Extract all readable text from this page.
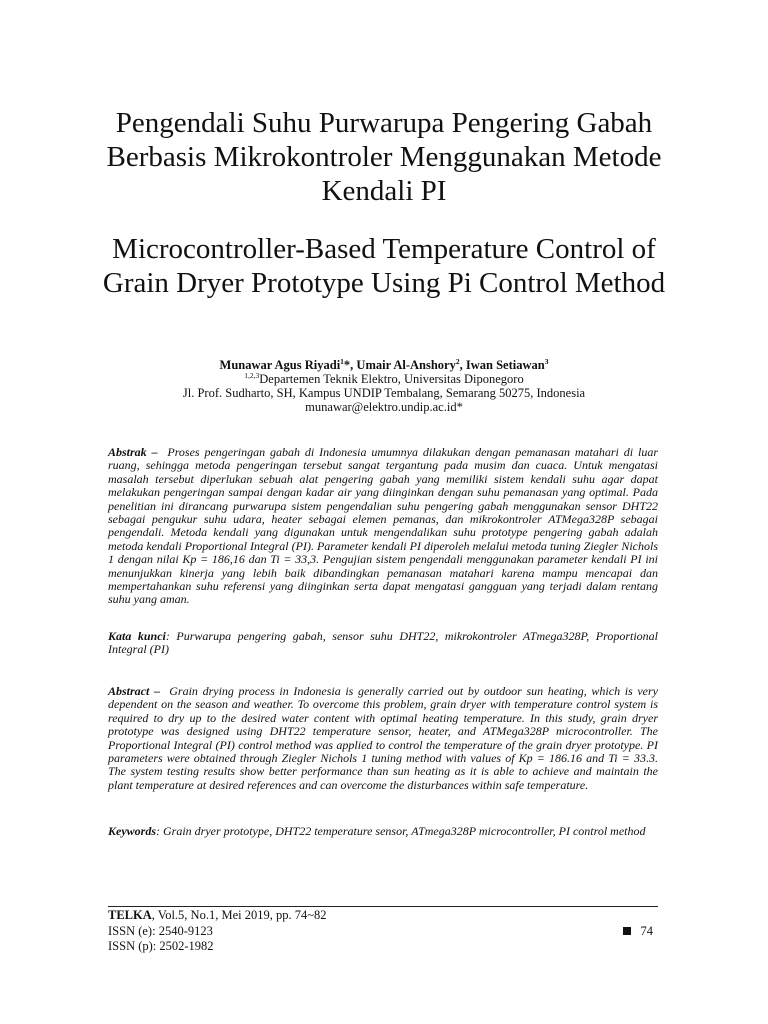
Pengendali Suhu Purwarupa Pengering Gabah Berbasis Mikrokontroler Menggunakan Metode Kendali PI
Microcontroller-Based Temperature Control of Grain Dryer Prototype Using Pi Control Method
Munawar Agus Riyadi$^1$*, Umair Al-Anshory$^2$, Iwan Setiawan$^3$
$^{1,2,3}$Departemen Teknik Elektro, Universitas Diponegoro
Jl. Prof. Sudharto, SH, Kampus UNDIP Tembalang, Semarang 50275, Indonesia
munawar@elektro.undip.ac.id*

Abstrak – Proses pengeringan gabah di Indonesia umumnya dilakukan dengan pemanasan matahari di luar ruang, sehingga metoda pengeringan tersebut sangat tergantung pada musim dan cuaca. Untuk mengatasi masalah tersebut diperlukan sebuah alat pengering gabah yang memiliki sistem kendali suhu agar dapat melakukan pengeringan sampai dengan kadar air yang diinginkan dengan suhu pemanasan yang optimal. Pada penelitian ini dirancang purwarupa sistem pengendalian suhu pengering gabah menggunakan sensor DHT22 sebagai pengukur suhu udara, heater sebagai elemen pemanas, dan mikrokontroler ATMega328P sebagai pengendali. Metoda kendali yang digunakan untuk mengendalikan suhu prototype pengering gabah adalah metoda kendali Proportional Integral (PI). Parameter kendali PI diperoleh melalui metoda tuning Ziegler Nichols 1 dengan nilai Kp = 186,16 dan Ti = 33,3. Pengujian sistem pengendali menggunakan parameter kendali PI ini menunjukkan kinerja yang lebih baik dibandingkan pemanasan matahari karena mampu mencapai dan mempertahankan suhu referensi yang diinginkan serta dapat mengatasi gangguan yang terjadi dalam rentang suhu yang aman.

Kata kunci: Purwarupa pengering gabah, sensor suhu DHT22, mikrokontroler ATmega328P, Proportional Integral (PI)

Abstract – Grain drying process in Indonesia is generally carried out by outdoor sun heating, which is very dependent on the season and weather. To overcome this problem, grain dryer with temperature control system is required to dry up to the desired water content with optimal heating temperature. In this study, grain dryer prototype was designed using DHT22 temperature sensor, heater, and ATMega328P microcontroller. The Proportional Integral (PI) control method was applied to control the temperature of the grain dryer prototype. PI parameters were obtained through Ziegler Nichols 1 tuning method with values of Kp = 186.16 and Ti = 33.3. The system testing results show better performance than sun heating as it is able to achieve and maintain the plant temperature at desired references and can overcome the disturbances within safe temperature.

Keywords: Grain dryer prototype, DHT22 temperature sensor, ATmega328P microcontroller, PI control method

TELKA, Vol.5, No.1, Mei 2019, pp. 74~82
ISSN (e): 2540-9123
ISSN (p): 2502-1982
74
